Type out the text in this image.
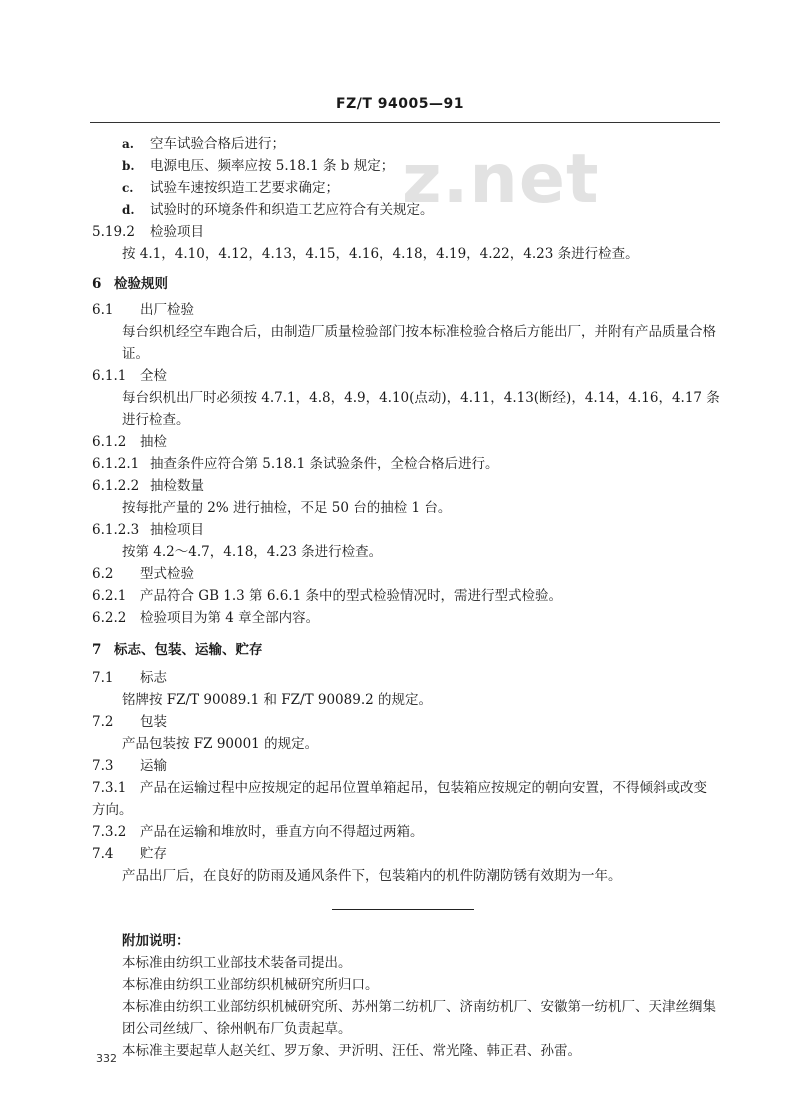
FZ/T 94005—91
z.net
a. 空车试验合格后进行；
b. 电源电压、频率应按 5.18.1 条 b 规定；
c. 试验车速按织造工艺要求确定；
d. 试验时的环境条件和织造工艺应符合有关规定。
5.19.2 检验项目
按 4.1，4.10，4.12，4.13，4.15，4.16，4.18，4.19，4.22，4.23 条进行检查。
6 检验规则
6.1 出厂检验
每台织机经空车跑合后，由制造厂质量检验部门按本标准检验合格后方能出厂，并附有产品质量合格证。
6.1.1 全检
每台织机出厂时必须按 4.7.1，4.8，4.9，4.10(点动)，4.11，4.13(断经)，4.14，4.16，4.17 条进行检查。
6.1.2 抽检
6.1.2.1 抽查条件应符合第 5.18.1 条试验条件，全检合格后进行。
6.1.2.2 抽检数量
按每批产量的 2% 进行抽检，不足 50 台的抽检 1 台。
6.1.2.3 抽检项目
按第 4.2～4.7，4.18，4.23 条进行检查。
6.2 型式检验
6.2.1 产品符合 GB 1.3 第 6.6.1 条中的型式检验情况时，需进行型式检验。
6.2.2 检验项目为第 4 章全部内容。
7 标志、包装、运输、贮存
7.1 标志
铭牌按 FZ/T 90089.1 和 FZ/T 90089.2 的规定。
7.2 包装
产品包装按 FZ 90001 的规定。
7.3 运输
7.3.1 产品在运输过程中应按规定的起吊位置单箱起吊，包装箱应按规定的朝向安置，不得倾斜或改变方向。
7.3.2 产品在运输和堆放时，垂直方向不得超过两箱。
7.4 贮存
产品出厂后，在良好的防雨及通风条件下，包装箱内的机件防潮防锈有效期为一年。
附加说明：
本标准由纺织工业部技术装备司提出。
本标准由纺织工业部纺织机械研究所归口。
本标准由纺织工业部纺织机械研究所、苏州第二纺机厂、济南纺机厂、安徽第一纺机厂、天津丝绸集团公司丝绒厂、徐州帆布厂负责起草。
本标准主要起草人赵关红、罗万象、尹沂明、汪任、常光隆、韩正君、孙雷。
332
